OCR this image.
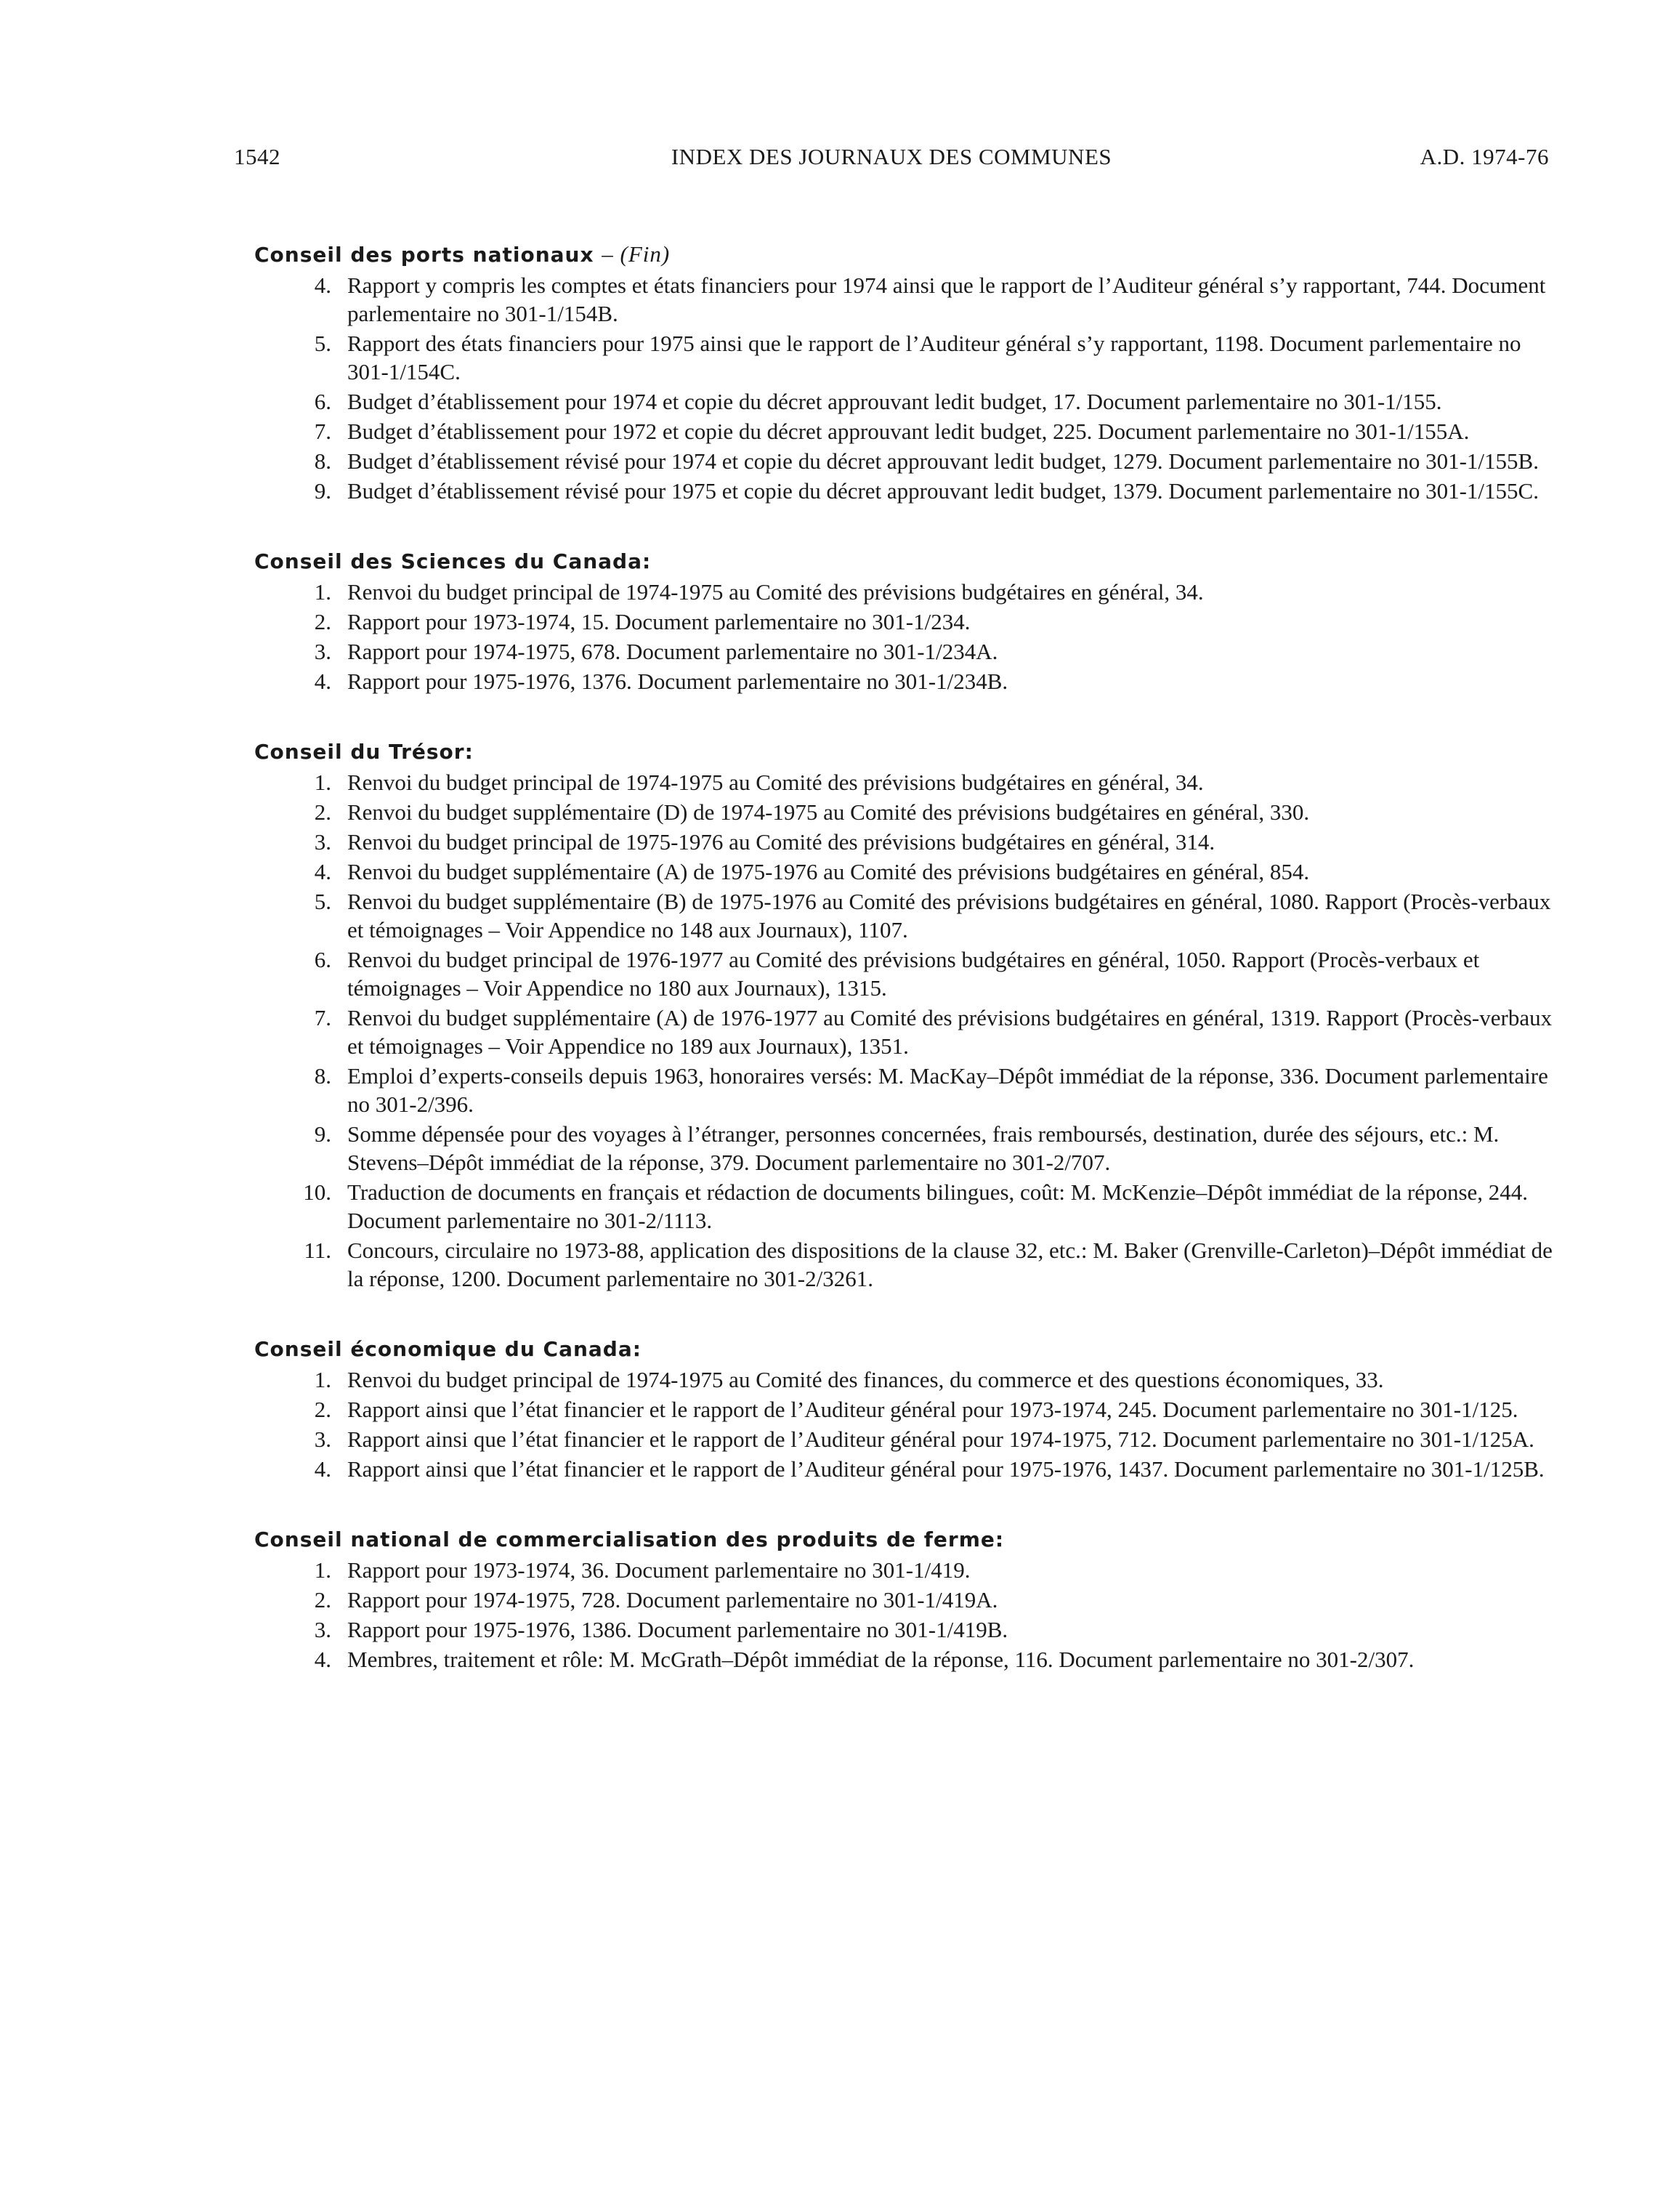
1542	INDEX DES JOURNAUX DES COMMUNES	A.D. 1974-76
Conseil des ports nationaux – (Fin)
4. Rapport y compris les comptes et états financiers pour 1974 ainsi que le rapport de l’Auditeur général s’y rapportant, 744. Document parlementaire no 301-1/154B.
5. Rapport des états financiers pour 1975 ainsi que le rapport de l’Auditeur général s’y rapportant, 1198. Document parlementaire no 301-1/154C.
6. Budget d’établissement pour 1974 et copie du décret approuvant ledit budget, 17. Document parlementaire no 301-1/155.
7. Budget d’établissement pour 1972 et copie du décret approuvant ledit budget, 225. Document parlementaire no 301-1/155A.
8. Budget d’établissement révisé pour 1974 et copie du décret approuvant ledit budget, 1279. Document parlementaire no 301-1/155B.
9. Budget d’établissement révisé pour 1975 et copie du décret approuvant ledit budget, 1379. Document parlementaire no 301-1/155C.
Conseil des Sciences du Canada:
1. Renvoi du budget principal de 1974-1975 au Comité des prévisions budgétaires en général, 34.
2. Rapport pour 1973-1974, 15. Document parlementaire no 301-1/234.
3. Rapport pour 1974-1975, 678. Document parlementaire no 301-1/234A.
4. Rapport pour 1975-1976, 1376. Document parlementaire no 301-1/234B.
Conseil du Trésor:
1. Renvoi du budget principal de 1974-1975 au Comité des prévisions budgétaires en général, 34.
2. Renvoi du budget supplémentaire (D) de 1974-1975 au Comité des prévisions budgétaires en général, 330.
3. Renvoi du budget principal de 1975-1976 au Comité des prévisions budgétaires en général, 314.
4. Renvoi du budget supplémentaire (A) de 1975-1976 au Comité des prévisions budgétaires en général, 854.
5. Renvoi du budget supplémentaire (B) de 1975-1976 au Comité des prévisions budgétaires en général, 1080. Rapport (Procès-verbaux et témoignages – Voir Appendice no 148 aux Journaux), 1107.
6. Renvoi du budget principal de 1976-1977 au Comité des prévisions budgétaires en général, 1050. Rapport (Procès-verbaux et témoignages – Voir Appendice no 180 aux Journaux), 1315.
7. Renvoi du budget supplémentaire (A) de 1976-1977 au Comité des prévisions budgétaires en général, 1319. Rapport (Procès-verbaux et témoignages – Voir Appendice no 189 aux Journaux), 1351.
8. Emploi d’experts-conseils depuis 1963, honoraires versés: M. MacKay–Dépôt immédiat de la réponse, 336. Document parlementaire no 301-2/396.
9. Somme dépensée pour des voyages à l’étranger, personnes concernées, frais remboursés, destination, durée des séjours, etc.: M. Stevens–Dépôt immédiat de la réponse, 379. Document parlementaire no 301-2/707.
10. Traduction de documents en français et rédaction de documents bilingues, coût: M. McKenzie–Dépôt immédiat de la réponse, 244. Document parlementaire no 301-2/1113.
11. Concours, circulaire no 1973-88, application des dispositions de la clause 32, etc.: M. Baker (Grenville-Carleton)–Dépôt immédiat de la réponse, 1200. Document parlementaire no 301-2/3261.
Conseil économique du Canada:
1. Renvoi du budget principal de 1974-1975 au Comité des finances, du commerce et des questions économiques, 33.
2. Rapport ainsi que l’état financier et le rapport de l’Auditeur général pour 1973-1974, 245. Document parlementaire no 301-1/125.
3. Rapport ainsi que l’état financier et le rapport de l’Auditeur général pour 1974-1975, 712. Document parlementaire no 301-1/125A.
4. Rapport ainsi que l’état financier et le rapport de l’Auditeur général pour 1975-1976, 1437. Document parlementaire no 301-1/125B.
Conseil national de commercialisation des produits de ferme:
1. Rapport pour 1973-1974, 36. Document parlementaire no 301-1/419.
2. Rapport pour 1974-1975, 728. Document parlementaire no 301-1/419A.
3. Rapport pour 1975-1976, 1386. Document parlementaire no 301-1/419B.
4. Membres, traitement et rôle: M. McGrath–Dépôt immédiat de la réponse, 116. Document parlementaire no 301-2/307.
